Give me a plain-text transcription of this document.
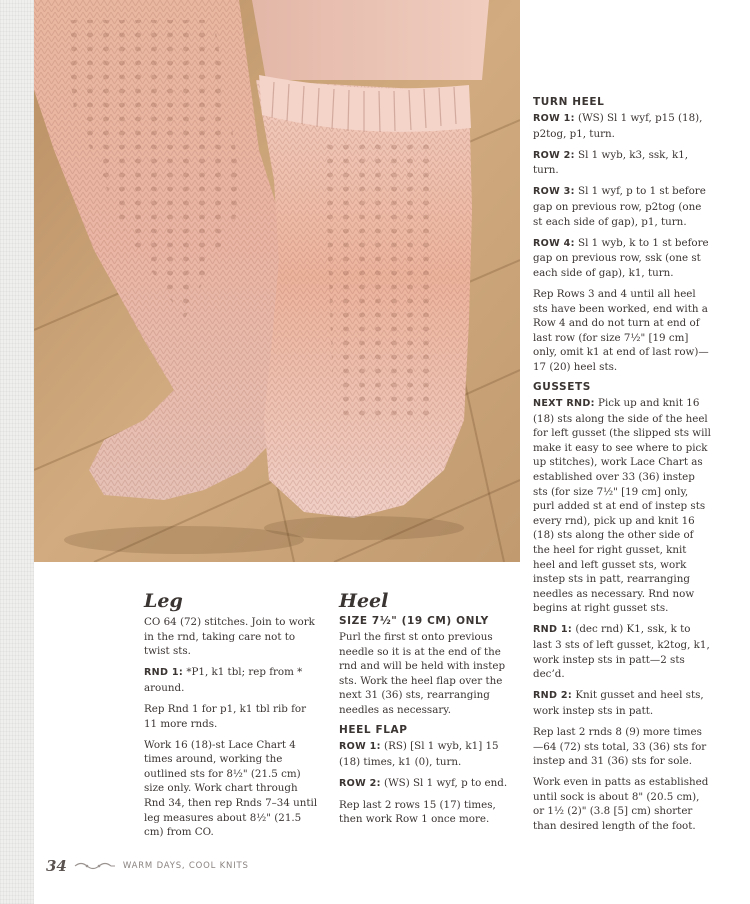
TURN HEEL

ROW 1: (WS) Sl 1 wyf, p15 (18), p2tog, p1, turn.

ROW 2: Sl 1 wyb, k3, ssk, k1, turn.

ROW 3: Sl 1 wyf, p to 1 st before gap on previous row, p2tog (one st each side of gap), p1, turn.

ROW 4: Sl 1 wyb, k to 1 st before gap on previous row, ssk (one st each side of gap), k1, turn.

Rep Rows 3 and 4 until all heel sts have been worked, end with a Row 4 and do not turn at end of last row (for size 7½" [19 cm] only, omit k1 at end of last row)—17 (20) heel sts.

GUSSETS

NEXT RND: Pick up and knit 16 (18) sts along the side of the heel for left gusset (the slipped sts will make it easy to see where to pick up stitches), work Lace Chart as established over 33 (36) instep sts (for size 7½" [19 cm] only, purl added st at end of instep sts every rnd), pick up and knit 16 (18) sts along the other side of the heel for right gusset, knit heel and left gusset sts, work instep sts in patt, rearranging needles as necessary. Rnd now begins at right gusset sts.

RND 1: (dec rnd) K1, ssk, k to last 3 sts of left gusset, k2tog, k1, work instep sts in patt—2 sts dec’d.

RND 2: Knit gusset and heel sts, work instep sts in patt.

Rep last 2 rnds 8 (9) more times—64 (72) sts total, 33 (36) sts for instep and 31 (36) sts for sole.

Work even in patts as established until sock is about 8" (20.5 cm), or 1½ (2)" (3.8 [5] cm) shorter than desired length of the foot.

Leg

CO 64 (72) stitches. Join to work in the rnd, taking care not to twist sts.

RND 1: *P1, k1 tbl; rep from * around.

Rep Rnd 1 for p1, k1 tbl rib for 11 more rnds.

Work 16 (18)-st Lace Chart 4 times around, working the outlined sts for 8½" (21.5 cm) size only. Work chart through Rnd 34, then rep Rnds 7–34 until leg measures about 8½" (21.5 cm) from CO.

Heel
SIZE 7½" (19 CM) ONLY

Purl the first st onto previous needle so it is at the end of the rnd and will be held with instep sts. Work the heel flap over the next 31 (36) sts, rearranging needles as necessary.

HEEL FLAP

ROW 1: (RS) [Sl 1 wyb, k1] 15 (18) times, k1 (0), turn.

ROW 2: (WS) Sl 1 wyf, p to end.

Rep last 2 rows 15 (17) times, then work Row 1 once more.

34	WARM DAYS, COOL KNITS
